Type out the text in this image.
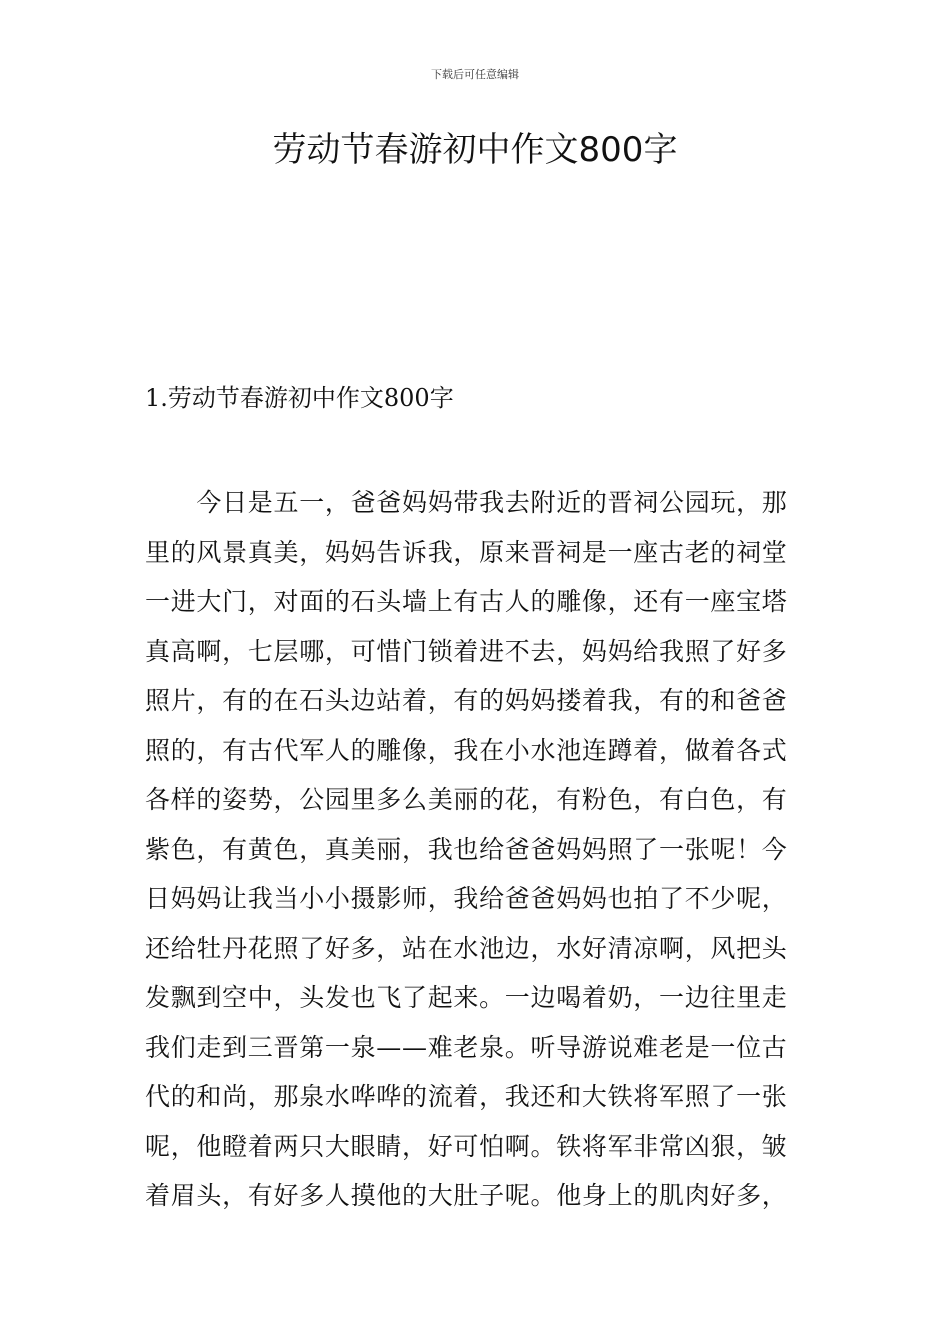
下载后可任意编辑
劳动节春游初中作文800字
1.劳动节春游初中作文800字
　　今日是五一，爸爸妈妈带我去附近的晋祠公园玩，那
里的风景真美，妈妈告诉我，原来晋祠是一座古老的祠堂
一进大门，对面的石头墙上有古人的雕像，还有一座宝塔
真高啊，七层哪，可惜门锁着进不去，妈妈给我照了好多
照片，有的在石头边站着，有的妈妈搂着我，有的和爸爸
照的，有古代军人的雕像，我在小水池连蹲着，做着各式
各样的姿势，公园里多么美丽的花，有粉色，有白色，有
紫色，有黄色，真美丽，我也给爸爸妈妈照了一张呢！今
日妈妈让我当小小摄影师，我给爸爸妈妈也拍了不少呢，
还给牡丹花照了好多，站在水池边，水好清凉啊，风把头
发飘到空中，头发也飞了起来。一边喝着奶，一边往里走
我们走到三晋第一泉——难老泉。听导游说难老是一位古
代的和尚，那泉水哗哗的流着，我还和大铁将军照了一张
呢，他瞪着两只大眼睛，好可怕啊。铁将军非常凶狠，皱
着眉头，有好多人摸他的大肚子呢。他身上的肌肉好多，
